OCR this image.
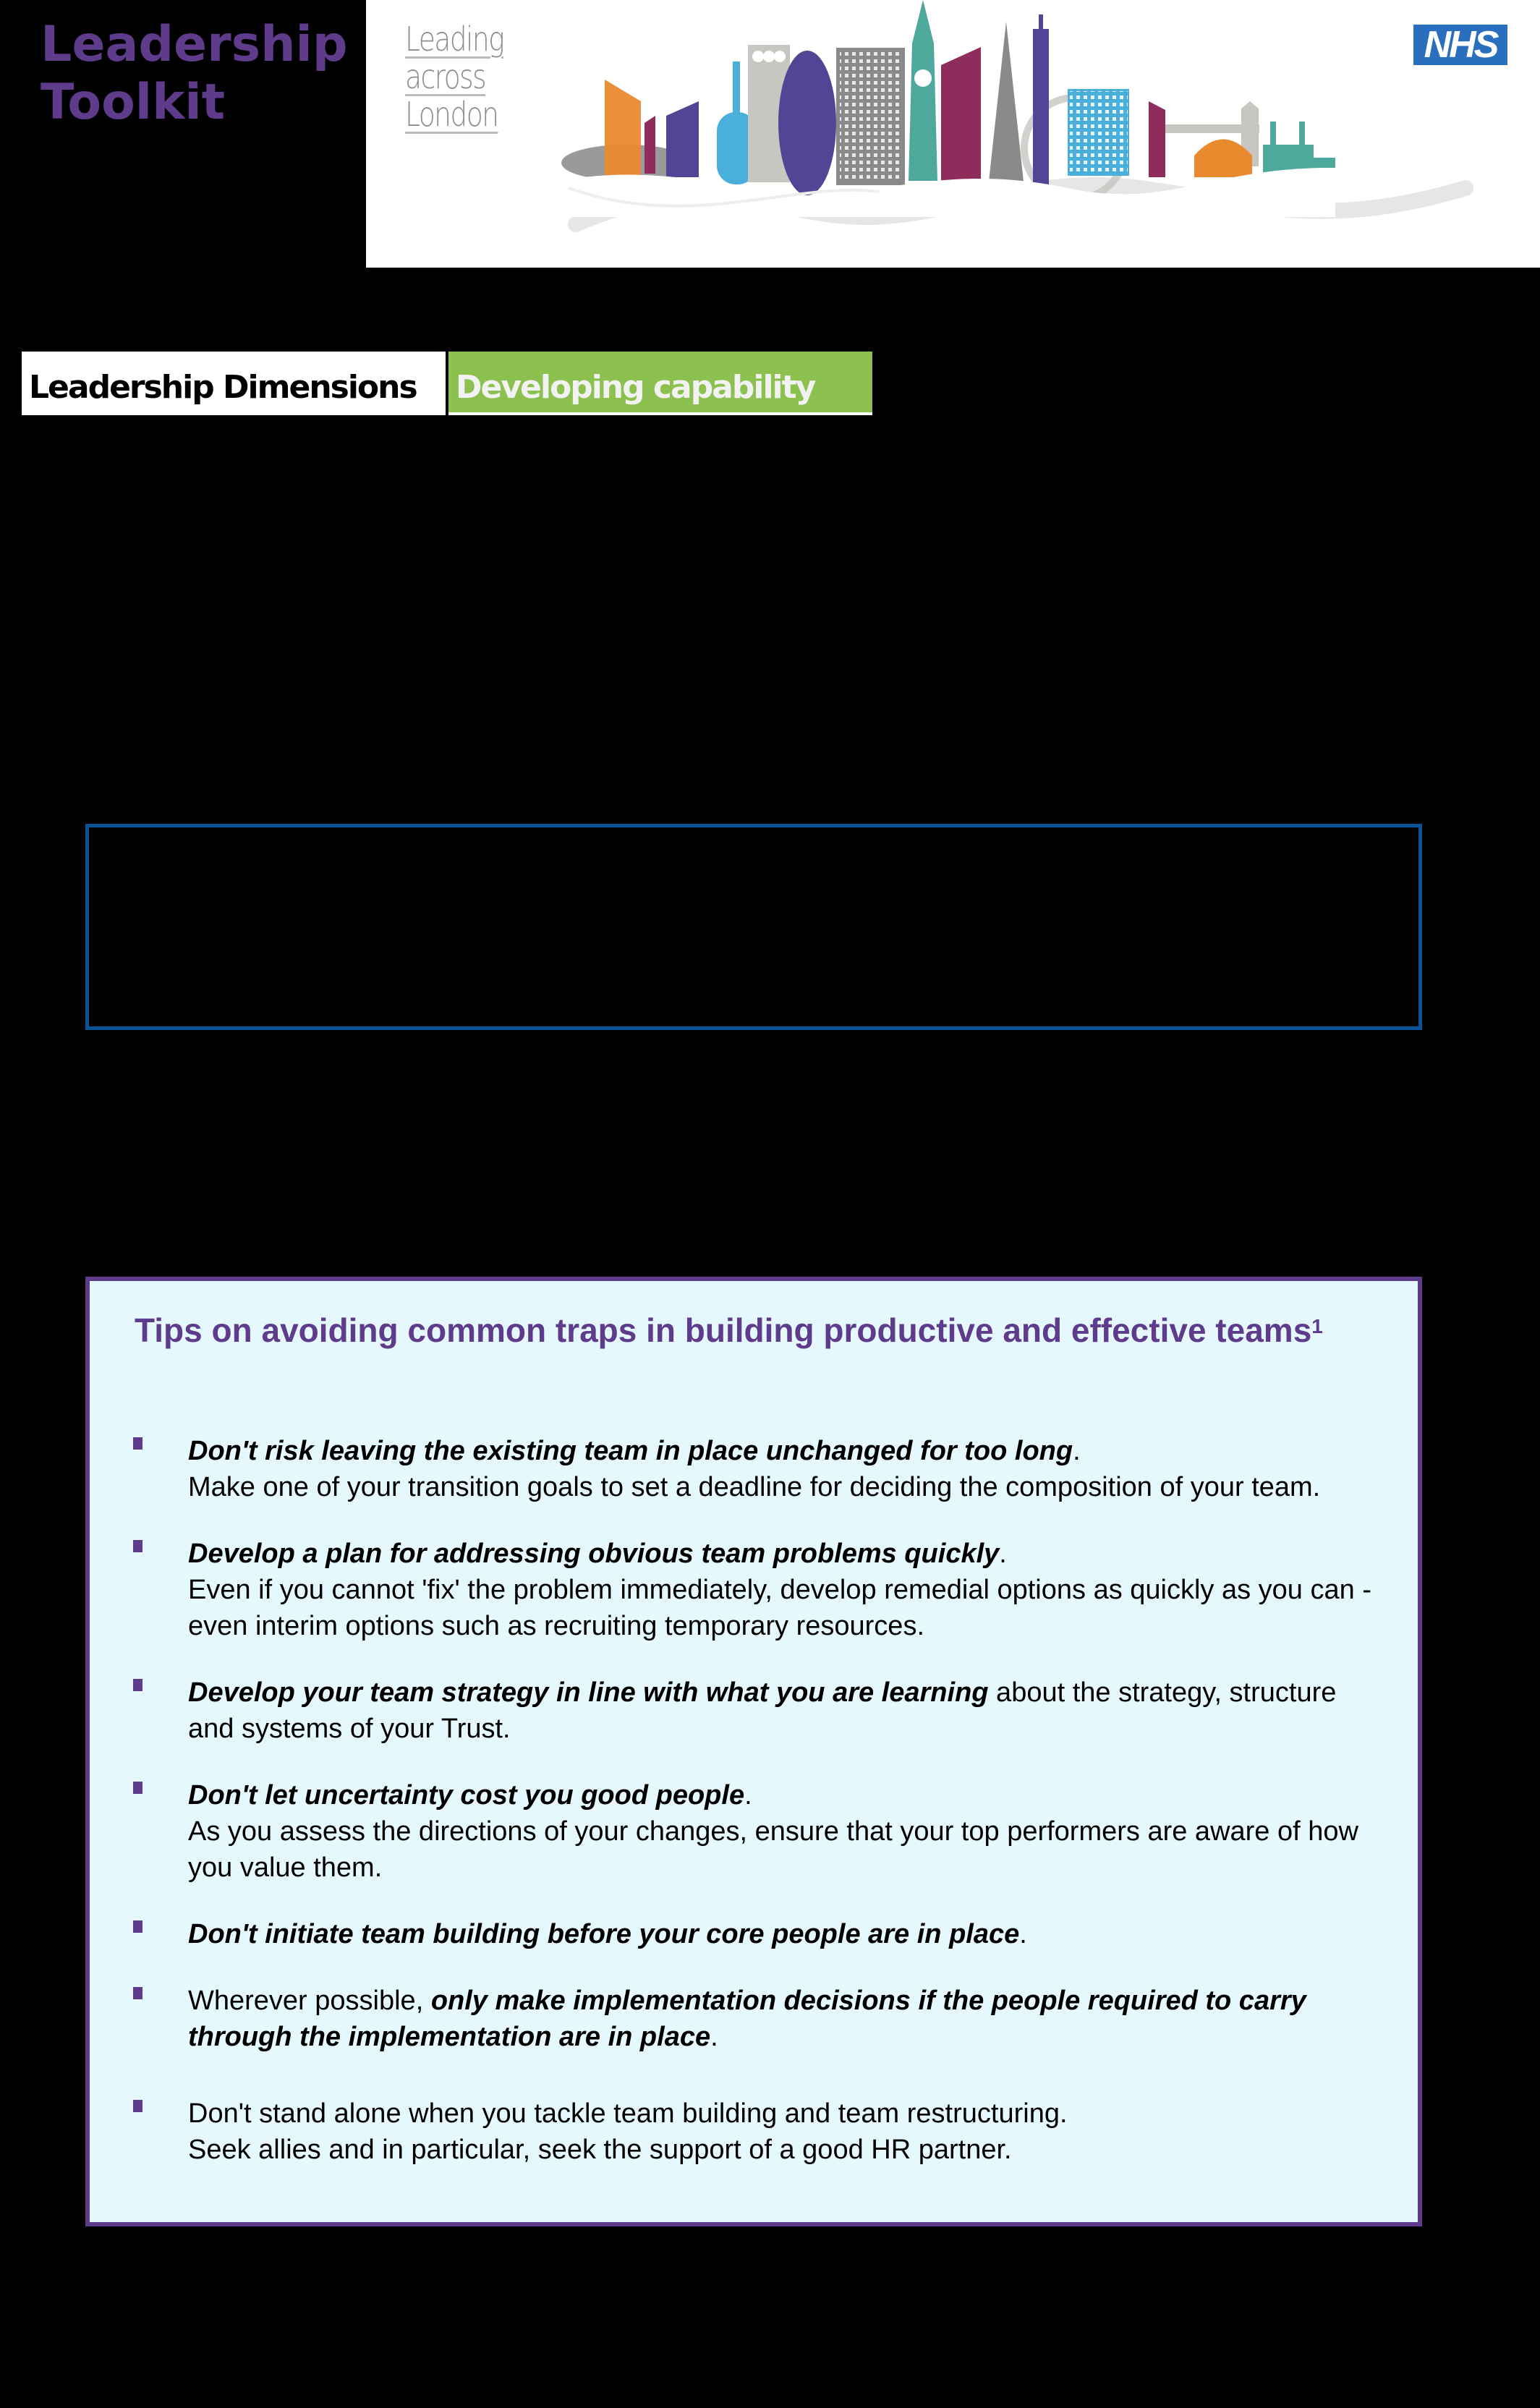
Leadership
Toolkit
Leading
across
London
NHS
Leadership Dimensions	Developing capability
Tips on avoiding common traps in building productive and effective teams$^1$
Don't risk leaving the existing team in place unchanged for too long.
Make one of your transition goals to set a deadline for deciding the composition of your team.
Develop a plan for addressing obvious team problems quickly.
Even if you cannot 'fix' the problem immediately, develop remedial options as quickly as you can - even interim options such as recruiting temporary resources.
Develop your team strategy in line with what you are learning about the strategy, structure and systems of your Trust.
Don't let uncertainty cost you good people.
As you assess the directions of your changes, ensure that your top performers are aware of how you value them.
Don't initiate team building before your core people are in place.
Wherever possible, only make implementation decisions if the people required to carry through the implementation are in place.
Don't stand alone when you tackle team building and team restructuring.
Seek allies and in particular, seek the support of a good HR partner.
